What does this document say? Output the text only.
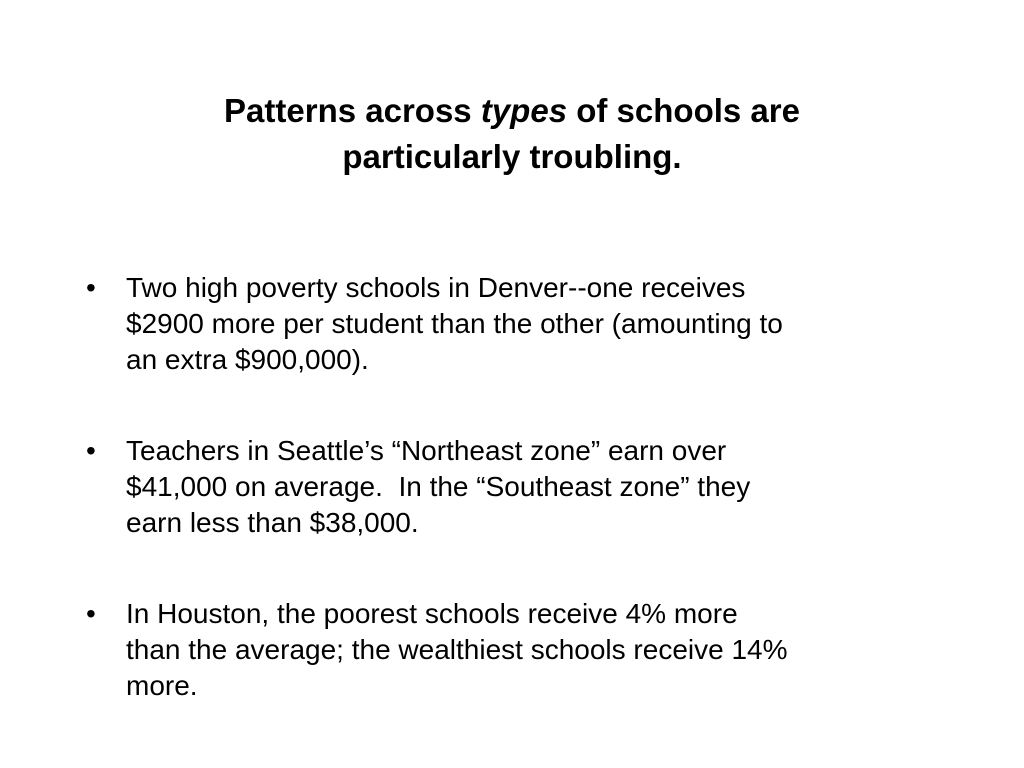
Patterns across types of schools are
particularly troubling.
•	Two high poverty schools in Denver--one receives
$2900 more per student than the other (amounting to
an extra $900,000).
•	Teachers in Seattle’s “Northeast zone” earn over
$41,000 on average.  In the “Southeast zone” they
earn less than $38,000.
•	In Houston, the poorest schools receive 4% more
than the average; the wealthiest schools receive 14%
more.
